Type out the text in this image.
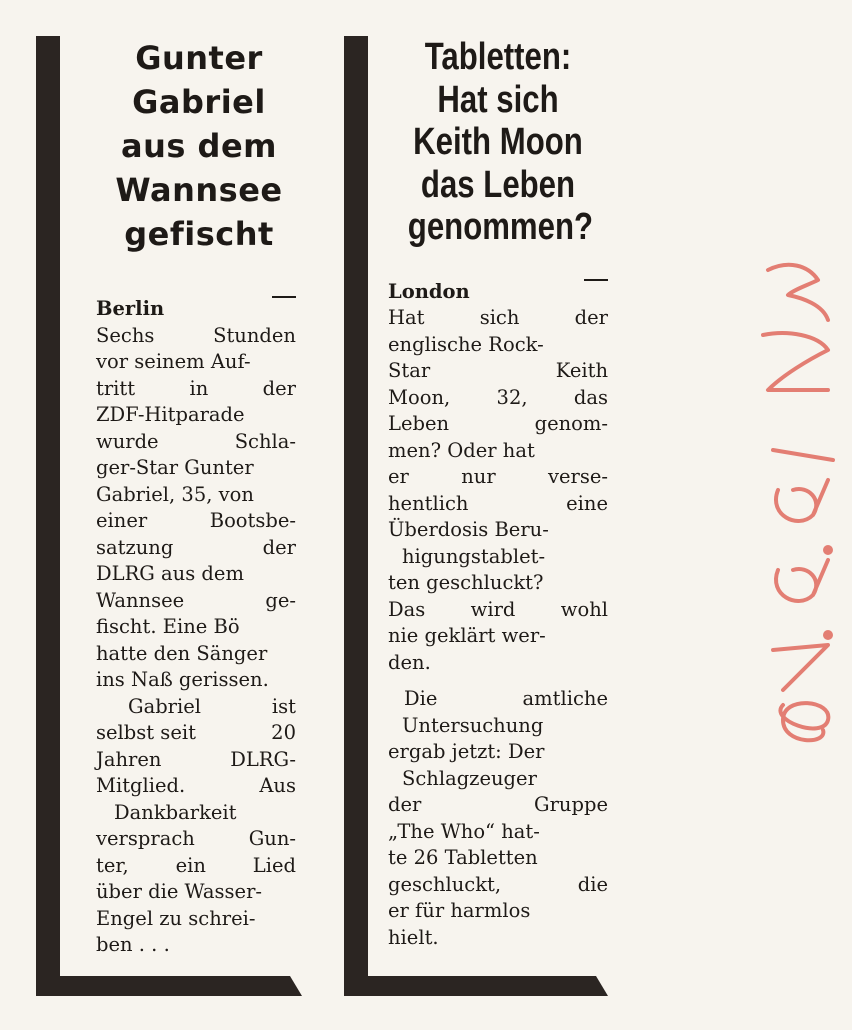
Gunter
Gabriel
aus dem
Wannsee
gefischt
Berlin
Sechs	Stunden
vor seinem Auf-
tritt	in	der
ZDF-Hitparade
wurde	Schla-
ger-Star Gunter
Gabriel, 35, von
einer	Bootsbe-
satzung	der
DLRG aus dem
Wannsee	ge-
fischt. Eine Bö
hatte den Sänger
ins Naß gerissen.
Gabriel	ist
selbst seit	20
Jahren	DLRG-
Mitglied.	Aus
Dankbarkeit
versprach	Gun-
ter, ein Lied
über die Wasser-
Engel zu schrei-
ben . . .
Tabletten:
Hat sich
Keith Moon
das Leben
genommen?
London
Hat	sich	der
englische Rock-
Star	Keith
Moon, 32, das
Leben	genom-
men? Oder hat
er	nur	verse-
hentlich	eine
Überdosis Beru-
higungstablet-
ten geschluckt?
Das wird wohl
nie geklärt wer-
den.
Die	amtliche
Untersuchung
ergab jetzt: Der
Schlagzeuger
der	Gruppe
„The Who“ hat-
te 26 Tabletten
geschluckt,	die
er für harmlos
hielt.
